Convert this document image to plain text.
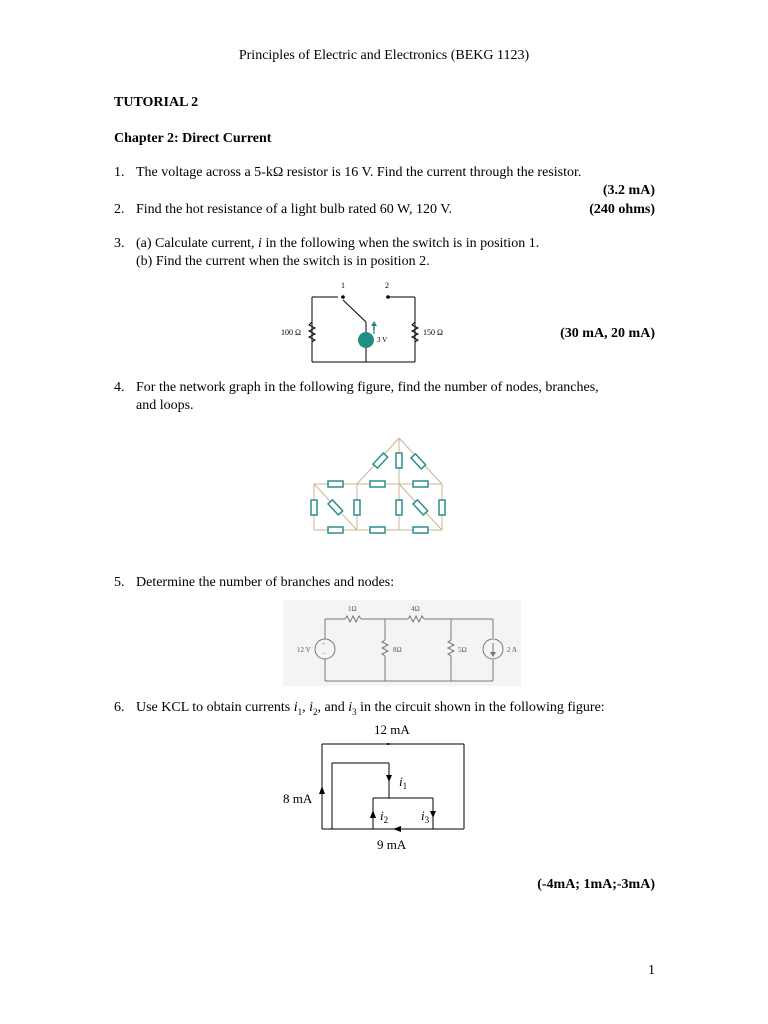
Principles of Electric and Electronics (BEKG 1123)
TUTORIAL 2
Chapter 2: Direct Current
1. The voltage across a 5-kΩ resistor is 16 V. Find the current through the resistor.
(3.2 mA)
2. Find the hot resistance of a light bulb rated 60 W, 120 V.	(240 ohms)
3. (a) Calculate current, i in the following when the switch is in position 1.
(b) Find the current when the switch is in position 2.
(30 mA, 20 mA)
1	2
100 Ω	150 Ω
i
3 V
4. For the network graph in the following figure, find the number of nodes, branches,
and loops.
5. Determine the number of branches and nodes:
+
−
1Ω	4Ω
8Ω	5Ω
12 V	2 A
6. Use KCL to obtain currents $i_1$, $i_2$, and $i_3$ in the circuit shown in the following figure:
12 mA
8 mA
9 mA
$i_1$
$i_2$	$i_3$
(-4mA; 1mA;-3mA)
1
